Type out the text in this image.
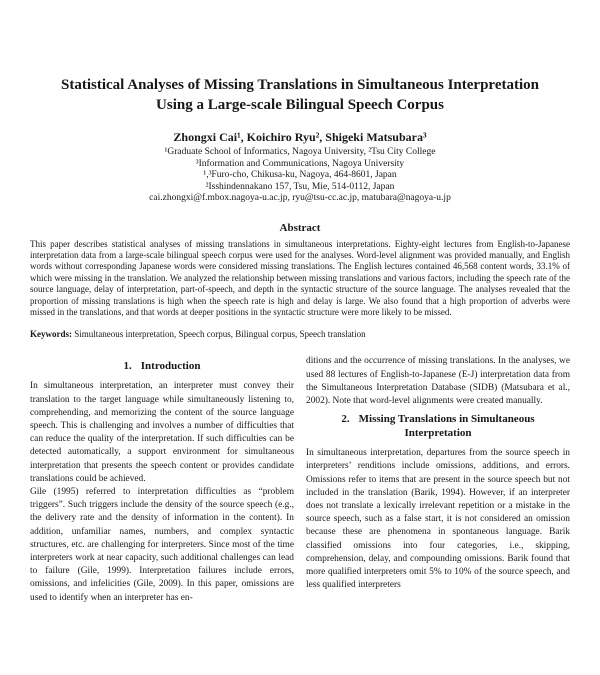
Statistical Analyses of Missing Translations in Simultaneous Interpretation
Using a Large-scale Bilingual Speech Corpus
Zhongxi Cai¹, Koichiro Ryu², Shigeki Matsubara³
¹Graduate School of Informatics, Nagoya University, ²Tsu City College
³Information and Communications, Nagoya University
¹,³Furo-cho, Chikusa-ku, Nagoya, 464-8601, Japan
²Isshindennakano 157, Tsu, Mie, 514-0112, Japan
cai.zhongxi@f.mbox.nagoya-u.ac.jp, ryu@tsu-cc.ac.jp, matubara@nagoya-u.jp
Abstract

This paper describes statistical analyses of missing translations in simultaneous interpretations. Eighty-eight lectures from English-to-Japanese interpretation data from a large-scale bilingual speech corpus were used for the analyses. Word-level alignment was provided manually, and English words without corresponding Japanese words were considered missing translations. The English lectures contained 46,568 content words, 33.1% of which were missing in the translation. We analyzed the relationship between missing translations and various factors, including the speech rate of the source language, delay of interpretation, part-of-speech, and depth in the syntactic structure of the source language. The analyses revealed that the proportion of missing translations is high when the speech rate is high and delay is large. We also found that a high proportion of adverbs were missed in the translations, and that words at deeper positions in the syntactic structure were more likely to be missed.

Keywords: Simultaneous interpretation, Speech corpus, Bilingual corpus, Speech translation

1. Introduction

In simultaneous interpretation, an interpreter must convey their translation to the target language while simultaneously listening to, comprehending, and memorizing the content of the source language speech. This is challenging and involves a number of difficulties that can reduce the quality of the interpretation. If such difficulties can be detected automatically, a support environment for simultaneous interpretation that presents the speech content or provides candidate translations could be achieved.

Gile (1995) referred to interpretation difficulties as “problem triggers”. Such triggers include the density of the source speech (e.g., the delivery rate and the density of information in the content). In addition, unfamiliar names, numbers, and complex syntactic structures, etc. are challenging for interpreters. Since most of the time interpreters work at near capacity, such additional challenges can lead to failure (Gile, 1999). Interpretation failures include errors, omissions, and infelicities (Gile, 2009). In this paper, omissions are used to identify when an interpreter has en-

ditions and the occurrence of missing translations. In the analyses, we used 88 lectures of English-to-Japanese (E-J) interpretation data from the Simultaneous Interpretation Database (SIDB) (Matsubara et al., 2002). Note that word-level alignments were created manually.

2. Missing Translations in Simultaneous Interpretation

In simultaneous interpretation, departures from the source speech in interpreters’ renditions include omissions, additions, and errors. Omissions refer to items that are present in the source speech but not included in the translation (Barik, 1994). However, if an interpreter does not translate a lexically irrelevant repetition or a mistake in the source speech, such as a false start, it is not considered an omission because these are phenomena in spontaneous language. Barik classified omissions into four categories, i.e., skipping, comprehension, delay, and compounding omissions. Barik found that more qualified interpreters omit 5% to 10% of the source speech, and less qualified interpreters
